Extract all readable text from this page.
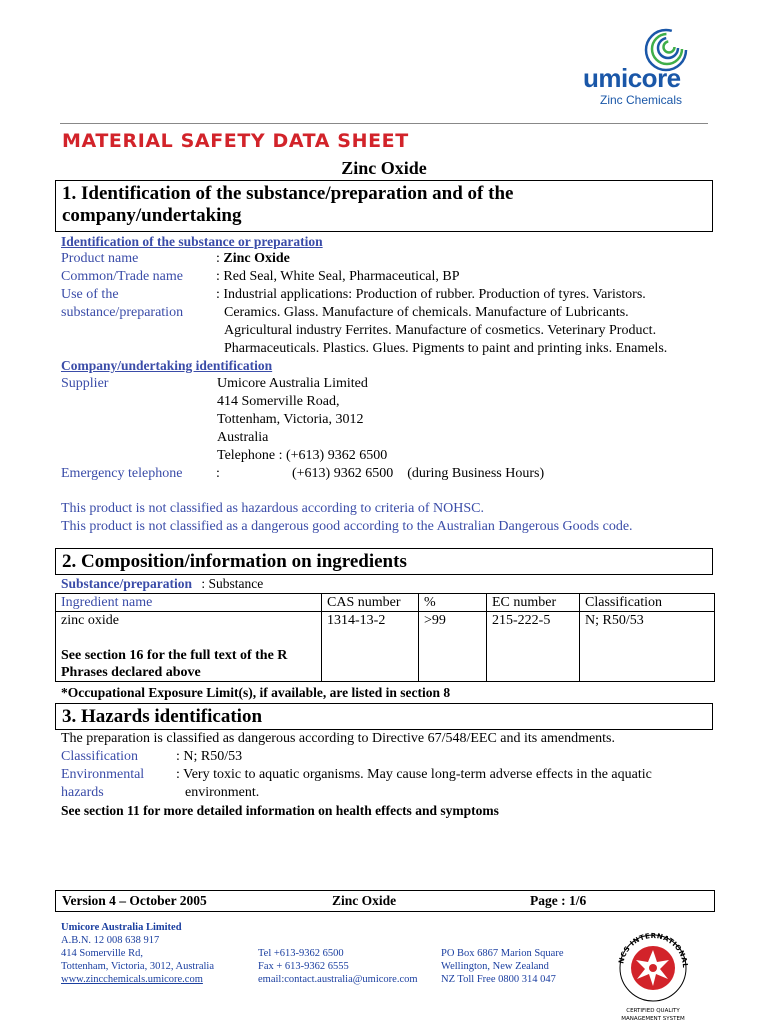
umicore
Zinc Chemicals
MATERIAL SAFETY DATA SHEET
Zinc Oxide
1. Identification of the substance/preparation and of the
company/undertaking
Identification of the substance or preparation
Product name	: Zinc Oxide
Common/Trade name : Red Seal, White Seal, Pharmaceutical, BP
Use of the
substance/preparation
: Industrial applications: Production of rubber. Production of tyres. Varistors.
Ceramics. Glass. Manufacture of chemicals. Manufacture of Lubricants.
Agricultural industry Ferrites. Manufacture of cosmetics. Veterinary Product.
Pharmaceuticals. Plastics. Glues. Pigments to paint and printing inks. Enamels.
Company/undertaking identification
Supplier	Umicore Australia Limited
414 Somerville Road,
Tottenham, Victoria, 3012
Australia
Telephone : (+613) 9362 6500
Emergency telephone :	(+613) 9362 6500    (during Business Hours)
This product is not classified as hazardous according to criteria of NOHSC.
This product is not classified as a dangerous good according to the Australian Dangerous Goods code.
2. Composition/information on ingredients
Substance/preparation : Substance
Ingredient name	CAS number	%	EC number	Classification

zinc oxide
See section 16 for the full text of the R
Phrases declared above	1314-13-2	>99	215-222-5	N; R50/53
*Occupational Exposure Limit(s), if available, are listed in section 8
3. Hazards identification
The preparation is classified as dangerous according to Directive 67/548/EEC and its amendments.
Classification	: N; R50/53
Environmental
hazards
: Very toxic to aquatic organisms. May cause long-term adverse effects in the aquatic
environment.
See section 11 for more detailed information on health effects and symptoms
Version 4 – October 2005	Zinc Oxide	Page : 1/6
Umicore Australia Limited
A.B.N. 12 008 638 917
414 Somerville Rd,
Tottenham, Victoria, 3012, Australia
www.zincchemicals.umicore.com
Tel +613-9362 6500
Fax + 613-9362 6555
email:contact.australia@umicore.com
PO Box 6867 Marion Square
Wellington, New Zealand
NZ Toll Free 0800 314 047
NCS INTERNATIONAL
CERTIFIED QUALITY
MANAGEMENT SYSTEM
